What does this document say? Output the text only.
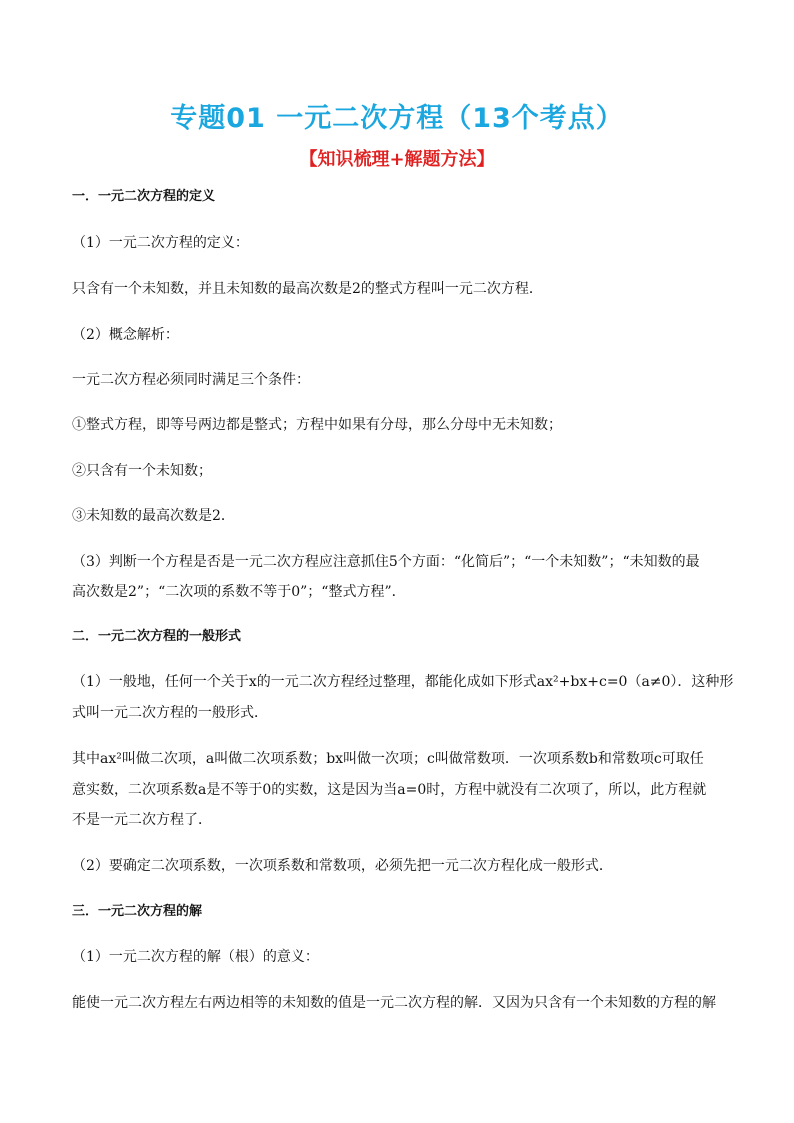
专题01 一元二次方程（13个考点）
【知识梳理+解题方法】
一．一元二次方程的定义
（1）一元二次方程的定义：
只含有一个未知数，并且未知数的最高次数是2的整式方程叫一元二次方程．
（2）概念解析：
一元二次方程必须同时满足三个条件：
①整式方程，即等号两边都是整式；方程中如果有分母，那么分母中无未知数；
②只含有一个未知数；
③未知数的最高次数是2．
（3）判断一个方程是否是一元二次方程应注意抓住5个方面：“化简后”；“一个未知数”；“未知数的最
高次数是2”；“二次项的系数不等于0”；“整式方程”．
二．一元二次方程的一般形式
（1）一般地，任何一个关于x的一元二次方程经过整理，都能化成如下形式ax²+bx+c=0（a≠0）．这种形
式叫一元二次方程的一般形式．
其中ax²叫做二次项，a叫做二次项系数；bx叫做一次项；c叫做常数项．一次项系数b和常数项c可取任
意实数，二次项系数a是不等于0的实数，这是因为当a=0时，方程中就没有二次项了，所以，此方程就
不是一元二次方程了．
（2）要确定二次项系数，一次项系数和常数项，必须先把一元二次方程化成一般形式．
三．一元二次方程的解
（1）一元二次方程的解（根）的意义：
能使一元二次方程左右两边相等的未知数的值是一元二次方程的解．又因为只含有一个未知数的方程的解
